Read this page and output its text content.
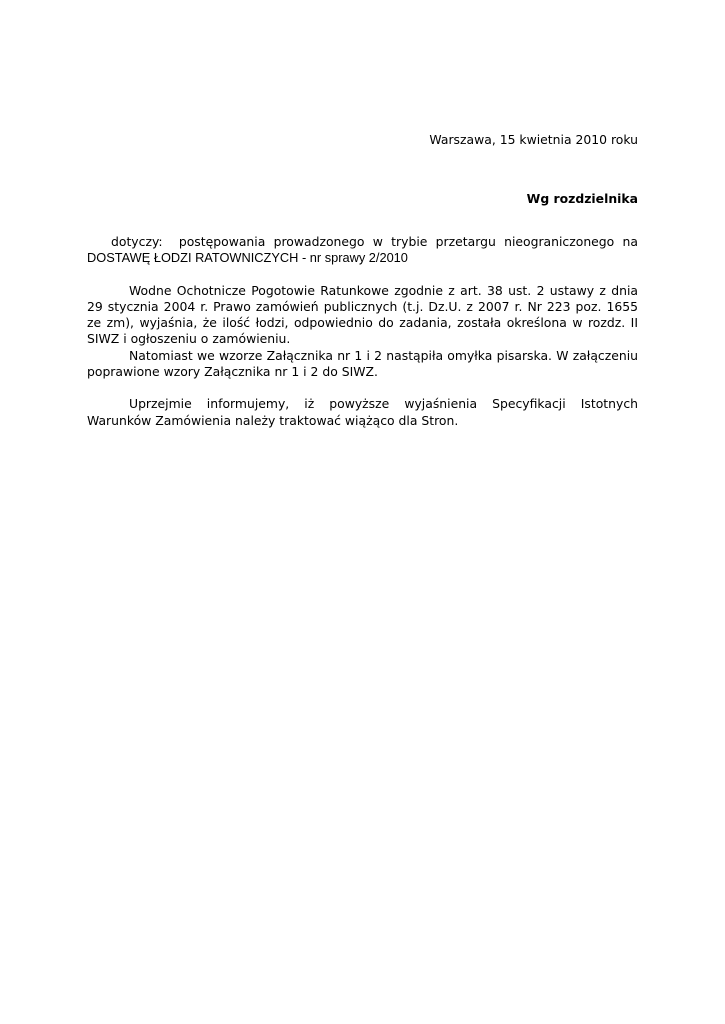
Warszawa, 15 kwietnia 2010 roku
Wg rozdzielnika

dotyczy: postępowania prowadzonego w trybie przetargu nieograniczonego na DOSTAWĘ ŁODZI RATOWNICZYCH - nr sprawy 2/2010

Wodne Ochotnicze Pogotowie Ratunkowe zgodnie z art. 38 ust. 2 ustawy z dnia 29 stycznia 2004 r. Prawo zamówień publicznych (t.j. Dz.U. z 2007 r. Nr 223 poz. 1655 ze zm), wyjaśnia, że ilość łodzi, odpowiednio do zadania, została określona w rozdz. II SIWZ i ogłoszeniu o zamówieniu.

Natomiast we wzorze Załącznika nr 1 i 2 nastąpiła omyłka pisarska. W załączeniu poprawione wzory Załącznika nr 1 i 2 do SIWZ.

Uprzejmie informujemy, iż powyższe wyjaśnienia Specyfikacji Istotnych Warunków Zamówienia należy traktować wiążąco dla Stron.
